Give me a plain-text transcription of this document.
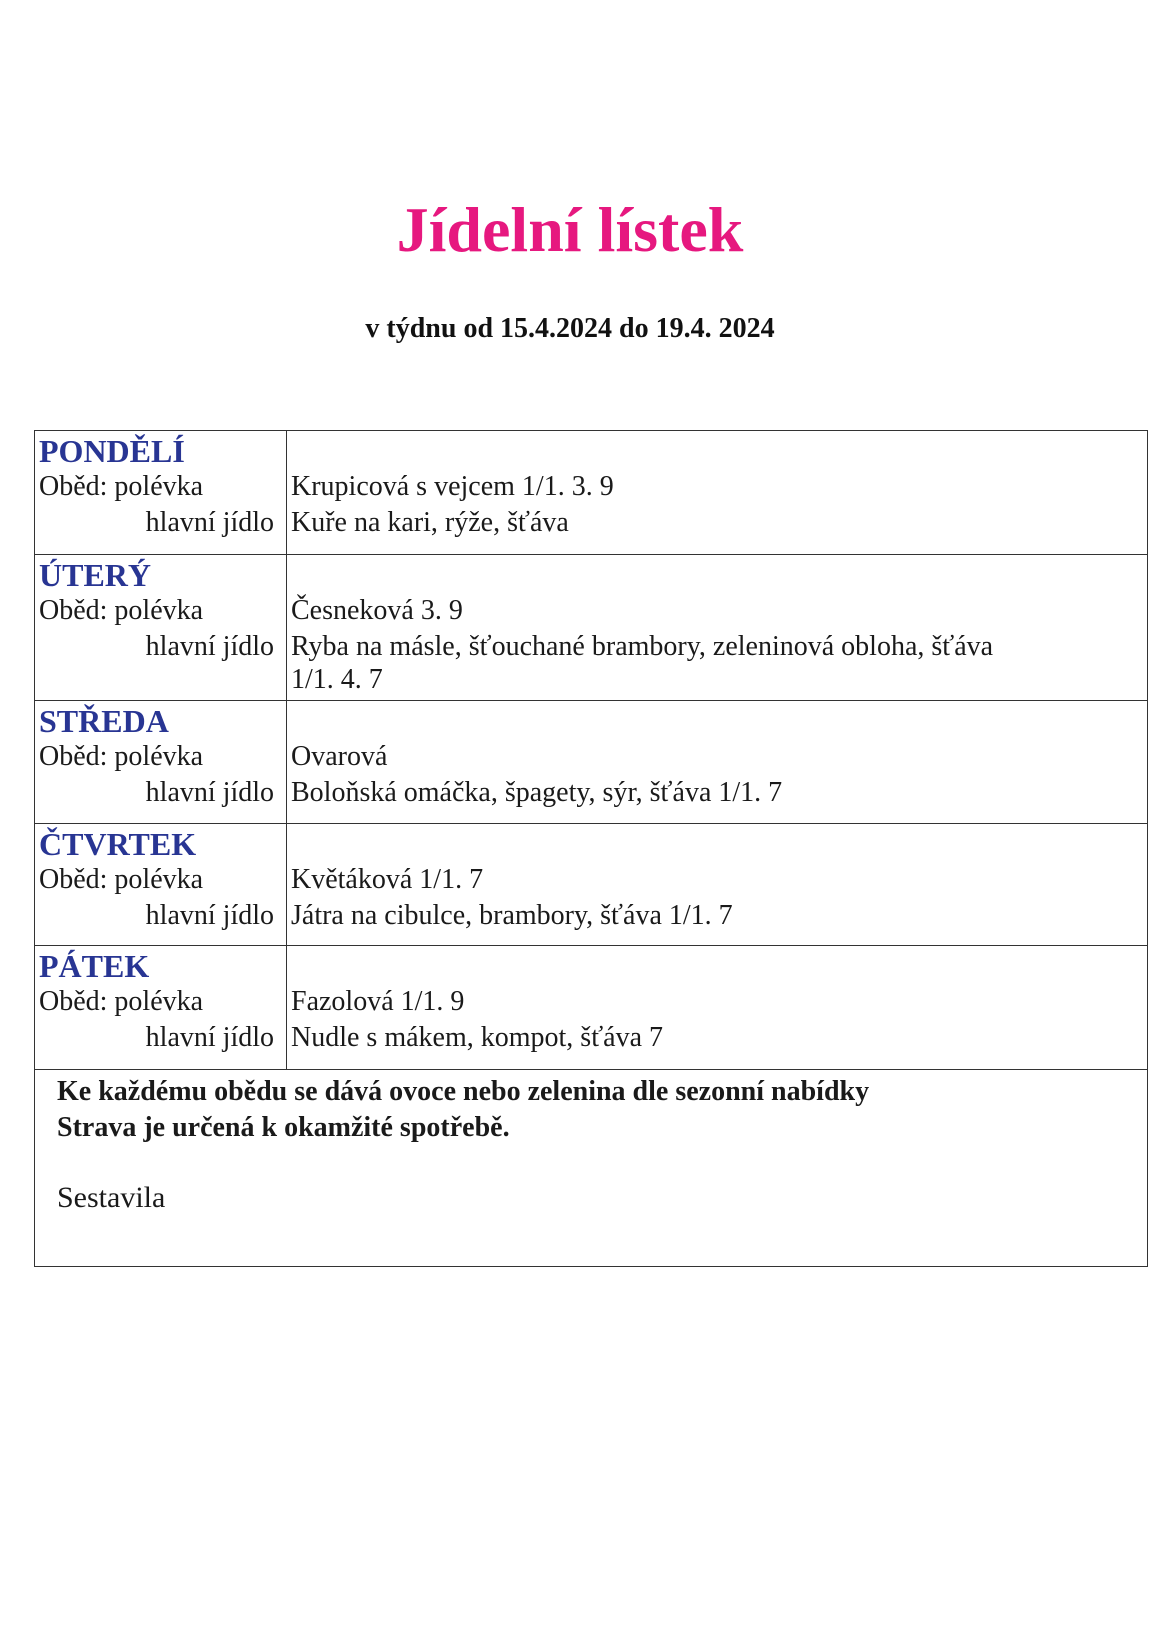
Jídelní lístek
v týdnu od 15.4.2024 do 19.4. 2024
PONDĚLÍ
Oběd: polévka
hlavní jídlo
Krupicová s vejcem 1/1. 3. 9
Kuře na kari, rýže, šťáva
ÚTERÝ
Oběd: polévka
hlavní jídlo
Česneková 3. 9
Ryba na másle, šťouchané brambory, zeleninová obloha, šťáva
1/1. 4. 7
STŘEDA
Oběd: polévka
hlavní jídlo
Ovarová
Boloňská omáčka, špagety, sýr, šťáva 1/1. 7
ČTVRTEK
Oběd: polévka
hlavní jídlo
Květáková 1/1. 7
Játra na cibulce, brambory, šťáva 1/1. 7
PÁTEK
Oběd: polévka
hlavní jídlo
Fazolová 1/1. 9
Nudle s mákem, kompot, šťáva 7
Ke každému obědu se dává ovoce nebo zelenina dle sezonní nabídky
Strava je určená k okamžité spotřebě.
Sestavila
